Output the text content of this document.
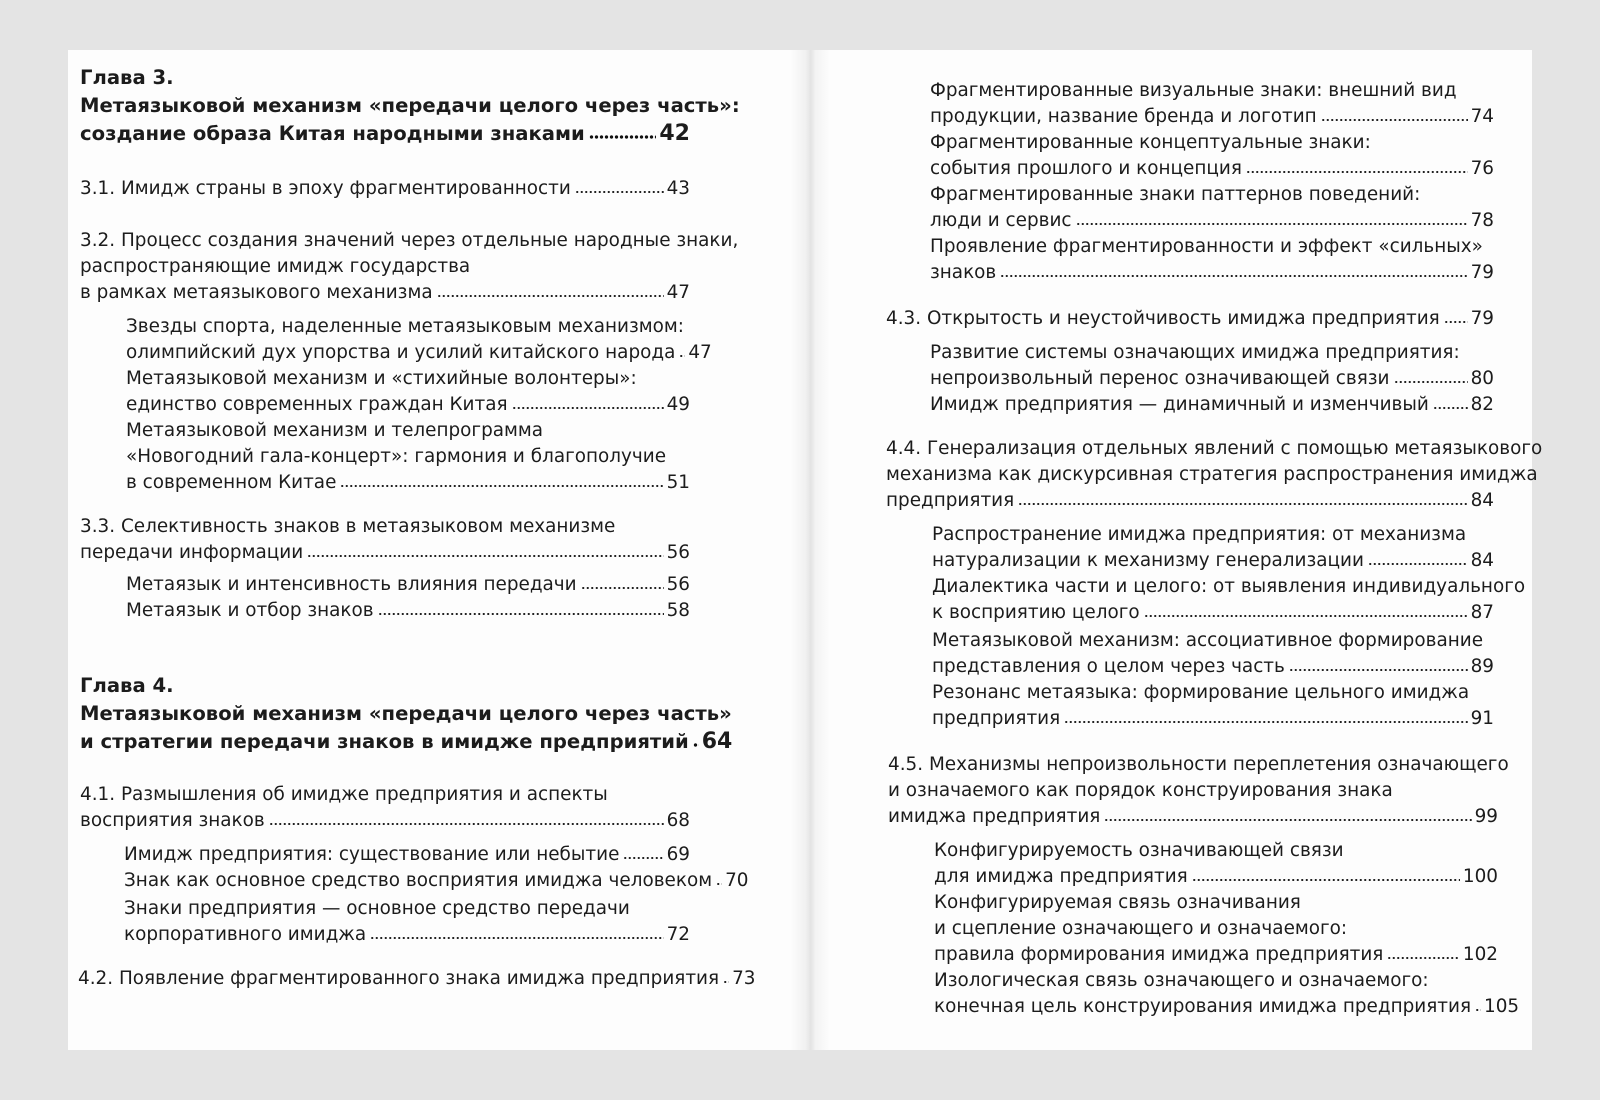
Глава 3.
Метаязыковой механизм «передачи целого через часть»:
создание образа Китая народными знаками	42
3.1. Имидж страны в эпоху фрагментированности	43
3.2. Процесс создания значений через отдельные народные знаки,
распространяющие имидж государства
в рамках метаязыкового механизма	47
Звезды спорта, наделенные метаязыковым механизмом:
олимпийский дух упорства и усилий китайского народа 47
Метаязыковой механизм и «стихийные волонтеры»:
единство современных граждан Китая	49
Метаязыковой механизм и телепрограмма
«Новогодний гала-концерт»: гармония и благополучие
в современном Китае	51
3.3. Селективность знаков в метаязыковом механизме
передачи информации	56
Метаязык и интенсивность влияния передачи	56
Метаязык и отбор знаков	58
Глава 4.
Метаязыковой механизм «передачи целого через часть»
и стратегии передачи знаков в имидже предприятий 64
4.1. Размышления об имидже предприятия и аспекты
восприятия знаков	68
Имидж предприятия: существование или небытие	69
Знак как основное средство восприятия имиджа человеком 70
Знаки предприятия — основное средство передачи
корпоративного имиджа	72
4.2. Появление фрагментированного знака имиджа предприятия 73
Фрагментированные визуальные знаки: внешний вид
продукции, название бренда и логотип	74
Фрагментированные концептуальные знаки:
события прошлого и концепция	76
Фрагментированные знаки паттернов поведений:
люди и сервис	78
Проявление фрагментированности и эффект «сильных»
знаков	79
4.3. Открытость и неустойчивость имиджа предприятия 79
Развитие системы означающих имиджа предприятия:
непроизвольный перенос означивающей связи	80
Имидж предприятия — динамичный и изменчивый 82
4.4. Генерализация отдельных явлений с помощью метаязыкового
механизма как дискурсивная стратегия распространения имиджа
предприятия	84
Распространение имиджа предприятия: от механизма
натурализации к механизму генерализации	84
Диалектика части и целого: от выявления индивидуального
к восприятию целого	87
Метаязыковой механизм: ассоциативное формирование
представления о целом через часть	89
Резонанс метаязыка: формирование цельного имиджа
предприятия	91
4.5. Механизмы непроизвольности переплетения означающего
и означаемого как порядок конструирования знака
имиджа предприятия	99
Конфигурируемость означивающей связи
для имиджа предприятия	100
Конфигурируемая связь означивания
и сцепление означающего и означаемого:
правила формирования имиджа предприятия	102
Изологическая связь означающего и означаемого:
конечная цель конструирования имиджа предприятия 105
